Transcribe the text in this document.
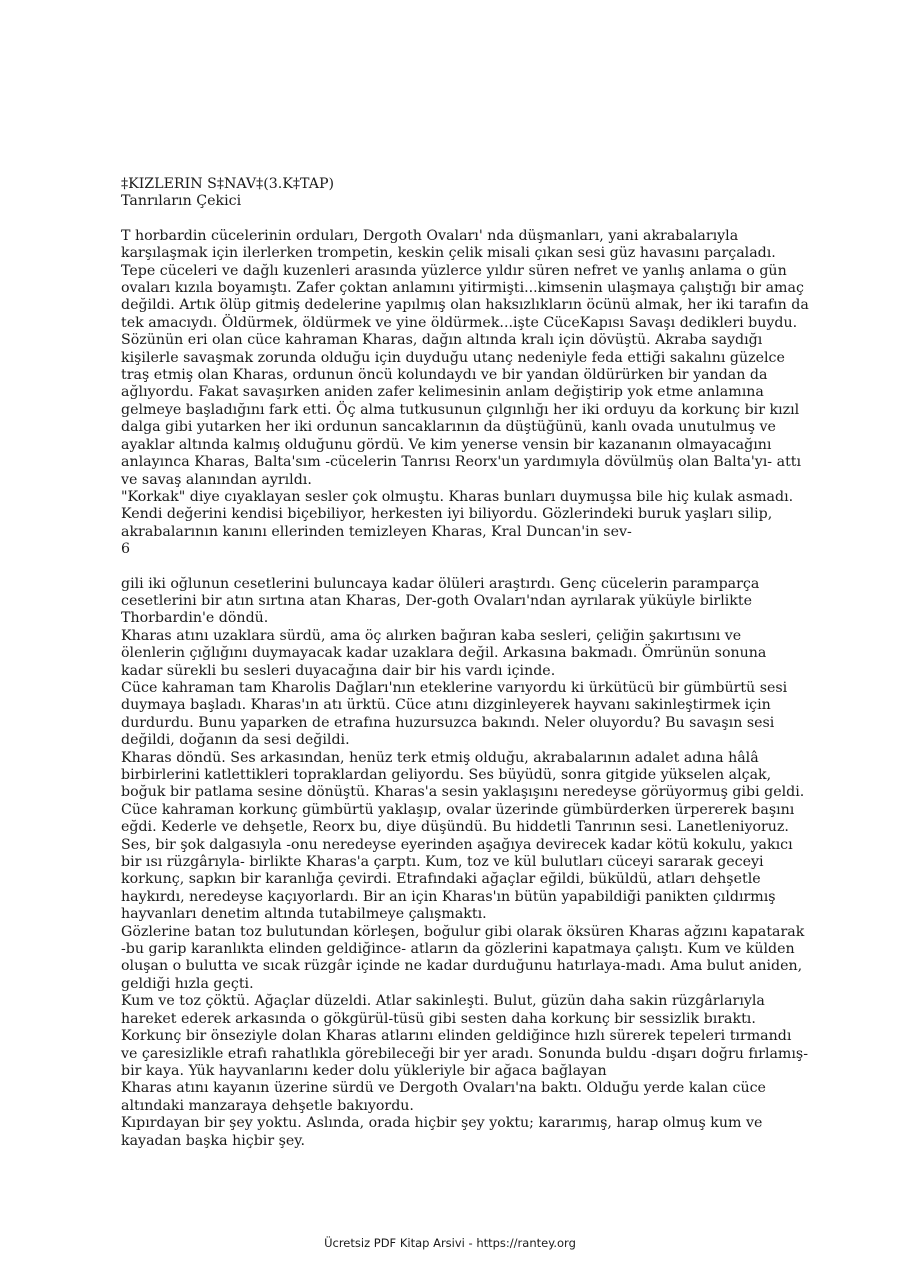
‡KIZLERIN S‡NAV‡(3.K‡TAP)

Tanrıların Çekici

T horbardin cücelerinin orduları, Dergoth Ovaları' nda düşmanları, yani akrabalarıyla karşılaşmak için ilerlerken trompetin, keskin çelik misali çıkan sesi güz havasını parçaladı. Tepe cüceleri ve dağlı kuzenleri arasında yüzlerce yıldır süren nefret ve yanlış anlama o gün ovaları kızıla boyamıştı. Zafer çoktan anlamını yitirmişti...kimsenin ulaşmaya çalıştığı bir amaç değildi. Artık ölüp gitmiş dedelerine yapılmış olan haksızlıkların öcünü almak, her iki tarafın da tek amacıydı. Öldürmek, öldürmek ve yine öldürmek...işte CüceKapısı Savaşı dedikleri buydu.

Sözünün eri olan cüce kahraman Kharas, dağın altında kralı için dövüştü. Akraba saydığı kişilerle savaşmak zorunda olduğu için duyduğu utanç nedeniyle feda ettiği sakalını güzelce traş etmiş olan Kharas, ordunun öncü kolundaydı ve bir yandan öldürürken bir yandan da ağlıyordu. Fakat savaşırken aniden zafer kelimesinin anlam değiştirip yok etme anlamına gelmeye başladığını fark etti. Öç alma tutkusunun çılgınlığı her iki orduyu da korkunç bir kızıl dalga gibi yutarken her iki ordunun sancaklarının da düştüğünü, kanlı ovada unutulmuş ve ayaklar altında kalmış olduğunu gördü. Ve kim yenerse vensin bir kazananın olmayacağını anlayınca Kharas, Balta'sım -cücelerin Tanrısı Reorx'un yardımıyla dövülmüş olan Balta'yı- attı ve savaş alanından ayrıldı.

"Korkak" diye cıyaklayan sesler çok olmuştu. Kharas bunları duymuşsa bile hiç kulak asmadı. Kendi değerini kendisi biçebiliyor, herkesten iyi biliyordu. Gözlerindeki buruk yaşları silip, akrabalarının kanını ellerinden temizleyen Kharas, Kral Duncan'in sev-

6

gili iki oğlunun cesetlerini buluncaya kadar ölüleri araştırdı. Genç cücelerin paramparça cesetlerini bir atın sırtına atan Kharas, Der-goth Ovaları'ndan ayrılarak yüküyle birlikte Thorbardin'e döndü.

Kharas atını uzaklara sürdü, ama öç alırken bağıran kaba sesleri, çeliğin şakırtısını ve ölenlerin çığlığını duymayacak kadar uzaklara değil. Arkasına bakmadı. Ömrünün sonuna kadar sürekli bu sesleri duyacağına dair bir his vardı içinde.

Cüce kahraman tam Kharolis Dağları'nın eteklerine varıyordu ki ürkütücü bir gümbürtü sesi duymaya başladı. Kharas'ın atı ürktü. Cüce atını dizginleyerek hayvanı sakinleştirmek için durdurdu. Bunu yaparken de etrafına huzursuzca bakındı. Neler oluyordu? Bu savaşın sesi değildi, doğanın da sesi değildi.

Kharas döndü. Ses arkasından, henüz terk etmiş olduğu, akrabalarının adalet adına hâlâ birbirlerini katlettikleri topraklardan geliyordu. Ses büyüdü, sonra gitgide yükselen alçak, boğuk bir patlama sesine dönüştü. Kharas'a sesin yaklaşışını neredeyse görüyormuş gibi geldi. Cüce kahraman korkunç gümbürtü yaklaşıp, ovalar üzerinde gümbürderken ürpererek başını eğdi. Kederle ve dehşetle, Reorx bu, diye düşündü. Bu hiddetli Tanrının sesi. Lanetleniyoruz.

Ses, bir şok dalgasıyla -onu neredeyse eyerinden aşağıya devirecek kadar kötü kokulu, yakıcı bir ısı rüzgârıyla- birlikte Kharas'a çarptı. Kum, toz ve kül bulutları cüceyi sararak geceyi korkunç, sapkın bir karanlığa çevirdi. Etrafındaki ağaçlar eğildi, büküldü, atları dehşetle haykırdı, neredeyse kaçıyorlardı. Bir an için Kharas'ın bütün yapabildiği panikten çıldırmış hayvanları denetim altında tutabilmeye çalışmaktı.

Gözlerine batan toz bulutundan körleşen, boğulur gibi olarak öksüren Kharas ağzını kapatarak -bu garip karanlıkta elinden geldiğince- atların da gözlerini kapatmaya çalıştı. Kum ve külden oluşan o bulutta ve sıcak rüzgâr içinde ne kadar durduğunu hatırlaya-madı. Ama bulut aniden, geldiği hızla geçti.

Kum ve toz çöktü. Ağaçlar düzeldi. Atlar sakinleşti. Bulut, güzün daha sakin rüzgârlarıyla hareket ederek arkasında o gökgürül-tüsü gibi sesten daha korkunç bir sessizlik bıraktı.

Korkunç bir önseziyle dolan Kharas atlarını elinden geldiğince hızlı sürerek tepeleri tırmandı ve çaresizlikle etrafı rahatlıkla görebileceği bir yer aradı. Sonunda buldu -dışarı doğru fırlamış- bir kaya. Yük hayvanlarını keder dolu yükleriyle bir ağaca bağlayan

Kharas atını kayanın üzerine sürdü ve Dergoth Ovaları'na baktı. Olduğu yerde kalan cüce altındaki manzaraya dehşetle bakıyordu.

Kıpırdayan bir şey yoktu. Aslında, orada hiçbir şey yoktu; kararımış, harap olmuş kum ve kayadan başka hiçbir şey.

Ücretsiz PDF Kitap Arsivi - https://rantey.org
